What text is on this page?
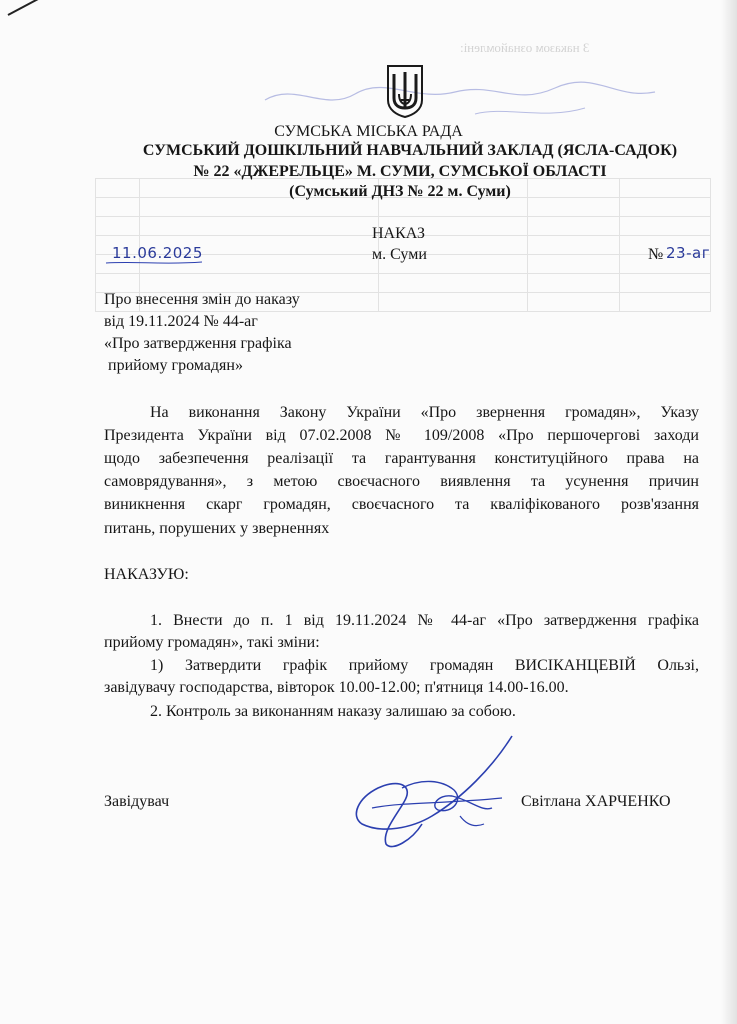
З наказом ознайомлені:

СУМСЬКА МІСЬКА РАДА
СУМСЬКИЙ ДОШКІЛЬНИЙ НАВЧАЛЬНИЙ ЗАКЛАД (ЯСЛА-САДОК)
№ 22 «ДЖЕРЕЛЬЦЕ» М. СУМИ, СУМСЬКОЇ ОБЛАСТІ
(Сумський ДНЗ № 22 м. Суми)
НАКАЗ
м. Суми
11.06.2025	№ 23-аг
Про внесення змін до наказу
від 19.11.2024 № 44-аг
«Про затвердження графіка
прийому громадян»
На виконання Закону України «Про звернення громадян», Указу
Президента України від 07.02.2008 № 109/2008 «Про першочергові заходи
щодо забезпечення реалізації та гарантування конституційного права на
самоврядування», з метою своєчасного виявлення та усунення причин
виникнення скарг громадян, своєчасного та кваліфікованого розв'язання
питань, порушених у зверненнях
НАКАЗУЮ:
1. Внести до п. 1 від 19.11.2024 № 44-аг «Про затвердження графіка
прийому громадян», такі зміни:
1) Затвердити графік прийому громадян ВИСІКАНЦЕВІЙ Ользі,
завідувачу господарства, вівторок 10.00-12.00; п'ятниця 14.00-16.00.
2. Контроль за виконанням наказу залишаю за собою.
Завідувач	Світлана ХАРЧЕНКО
